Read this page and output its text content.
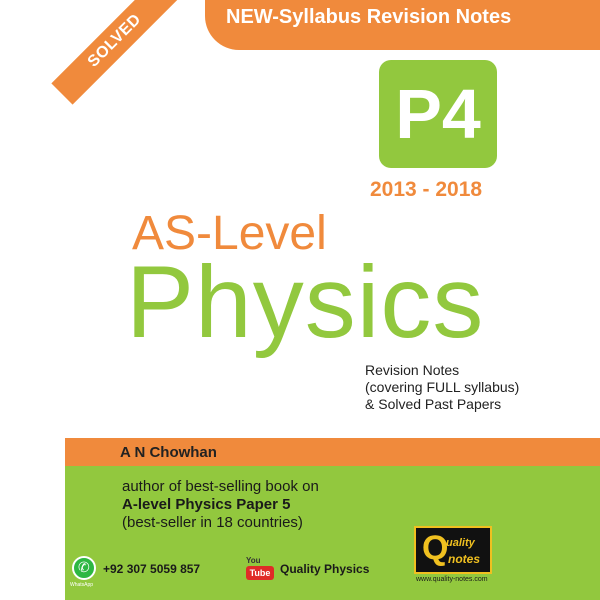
NEW-Syllabus Revision Notes
SOLVED
P4
2013 - 2018
AS-Level
Physics
Revision Notes
(covering FULL syllabus)
& Solved Past Papers
A N Chowhan
author of best-selling book on
A-level Physics Paper 5
(best-seller in 18 countries)
✆
WhatsApp
+92 307 5059 857
You
Tube Quality Physics
Q
uality
notes
www.quality-notes.com
